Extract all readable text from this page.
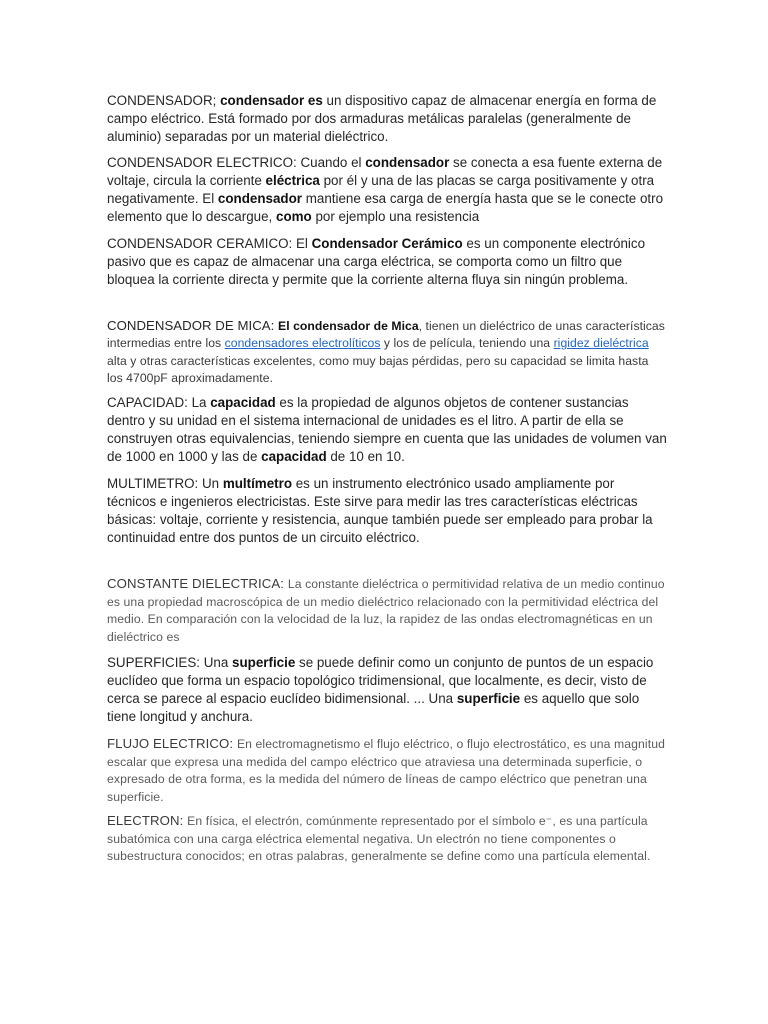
CONDENSADOR; condensador es un dispositivo capaz de almacenar energía en forma de campo eléctrico. Está formado por dos armaduras metálicas paralelas (generalmente de aluminio) separadas por un material dieléctrico.

CONDENSADOR ELECTRICO: Cuando el condensador se conecta a esa fuente externa de voltaje, circula la corriente eléctrica por él y una de las placas se carga positivamente y otra negativamente. El condensador mantiene esa carga de energía hasta que se le conecte otro elemento que lo descargue, como por ejemplo una resistencia

CONDENSADOR CERAMICO: El Condensador Cerámico es un componente electrónico pasivo que es capaz de almacenar una carga eléctrica, se comporta como un filtro que bloquea la corriente directa y permite que la corriente alterna fluya sin ningún problema.

CONDENSADOR DE MICA: El condensador de Mica, tienen un dieléctrico de unas características intermedias entre los condensadores electrolíticos y los de película, teniendo una rigidez dieléctrica alta y otras características excelentes, como muy bajas pérdidas, pero su capacidad se limita hasta los 4700pF aproximadamente.

CAPACIDAD: La capacidad es la propiedad de algunos objetos de contener sustancias dentro y su unidad en el sistema internacional de unidades es el litro. A partir de ella se construyen otras equivalencias, teniendo siempre en cuenta que las unidades de volumen van de 1000 en 1000 y las de capacidad de 10 en 10.

MULTIMETRO: Un multímetro es un instrumento electrónico usado ampliamente por técnicos e ingenieros electricistas. Este sirve para medir las tres características eléctricas básicas: voltaje, corriente y resistencia, aunque también puede ser empleado para probar la continuidad entre dos puntos de un circuito eléctrico.

CONSTANTE DIELECTRICA: La constante dieléctrica o permitividad relativa de un medio continuo es una propiedad macroscópica de un medio dieléctrico relacionado con la permitividad eléctrica del medio. En comparación con la velocidad de la luz, la rapidez de las ondas electromagnéticas en un dieléctrico es

SUPERFICIES: Una superficie se puede definir como un conjunto de puntos de un espacio euclídeo que forma un espacio topológico tridimensional, que localmente, es decir, visto de cerca se parece al espacio euclídeo bidimensional. ... Una superficie es aquello que solo tiene longitud y anchura.

FLUJO ELECTRICO: En electromagnetismo el flujo eléctrico, o flujo electrostático, es una magnitud escalar que expresa una medida del campo eléctrico que atraviesa una determinada superficie, o expresado de otra forma, es la medida del número de líneas de campo eléctrico que penetran una superficie.

ELECTRON: En física, el electrón, comúnmente representado por el símbolo e⁻, es una partícula subatómica con una carga eléctrica elemental negativa. Un electrón no tiene componentes o subestructura conocidos; en otras palabras, generalmente se define como una partícula elemental.
